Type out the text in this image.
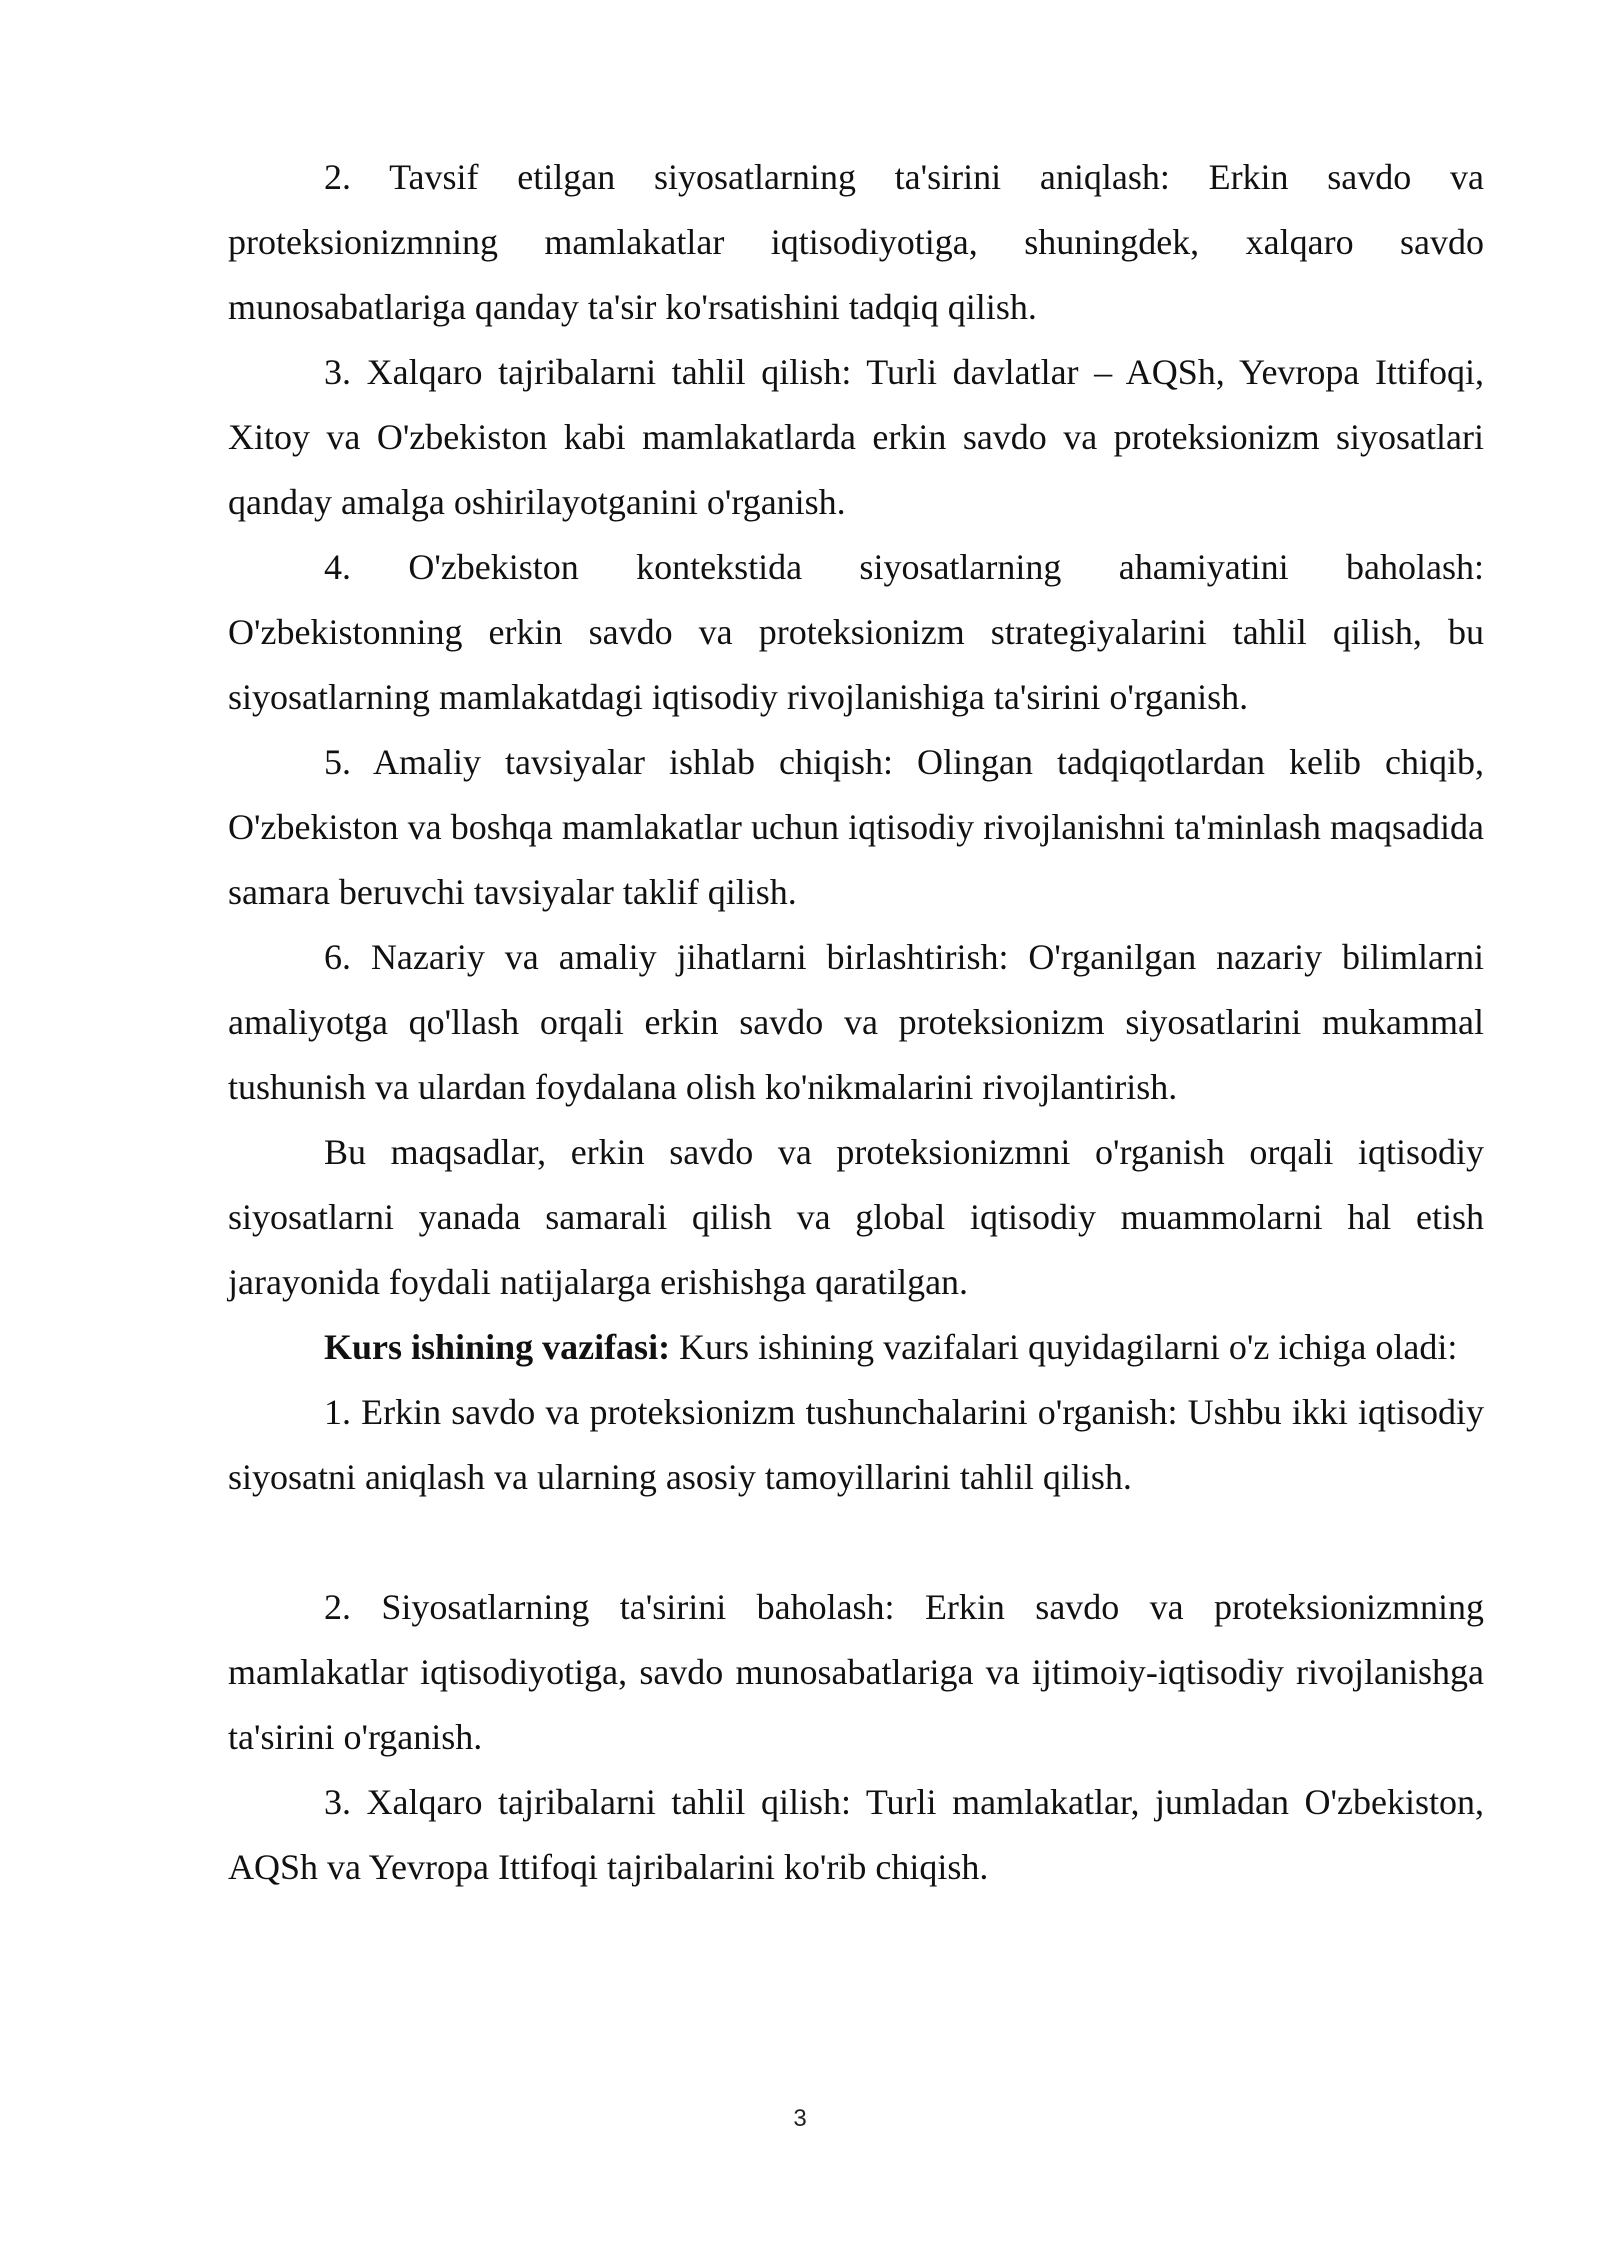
2. Tavsif etilgan siyosatlarning ta'sirini aniqlash: Erkin savdo va proteksionizmning mamlakatlar iqtisodiyotiga, shuningdek, xalqaro savdo munosabatlariga qanday ta'sir ko'rsatishini tadqiq qilish.

3. Xalqaro tajribalarni tahlil qilish: Turli davlatlar – AQSh, Yevropa Ittifoqi, Xitoy va O'zbekiston kabi mamlakatlarda erkin savdo va proteksionizm siyosatlari qanday amalga oshirilayotganini o'rganish.

4. O'zbekiston kontekstida siyosatlarning ahamiyatini baholash: O'zbekistonning erkin savdo va proteksionizm strategiyalarini tahlil qilish, bu siyosatlarning mamlakatdagi iqtisodiy rivojlanishiga ta'sirini o'rganish.

5. Amaliy tavsiyalar ishlab chiqish: Olingan tadqiqotlardan kelib chiqib, O'zbekiston va boshqa mamlakatlar uchun iqtisodiy rivojlanishni ta'minlash maqsadida samara beruvchi tavsiyalar taklif qilish.

6. Nazariy va amaliy jihatlarni birlashtirish: O'rganilgan nazariy bilimlarni amaliyotga qo'llash orqali erkin savdo va proteksionizm siyosatlarini mukammal tushunish va ulardan foydalana olish ko'nikmalarini rivojlantirish.

Bu maqsadlar, erkin savdo va proteksionizmni o'rganish orqali iqtisodiy siyosatlarni yanada samarali qilish va global iqtisodiy muammolarni hal etish jarayonida foydali natijalarga erishishga qaratilgan.

Kurs ishining vazifasi: Kurs ishining vazifalari quyidagilarni o'z ichiga oladi:

1. Erkin savdo va proteksionizm tushunchalarini o'rganish: Ushbu ikki iqtisodiy siyosatni aniqlash va ularning asosiy tamoyillarini tahlil qilish.

2. Siyosatlarning ta'sirini baholash: Erkin savdo va proteksionizmning mamlakatlar iqtisodiyotiga, savdo munosabatlariga va ijtimoiy-iqtisodiy rivojlanishga ta'sirini o'rganish.

3. Xalqaro tajribalarni tahlil qilish: Turli mamlakatlar, jumladan O'zbekiston, AQSh va Yevropa Ittifoqi tajribalarini ko'rib chiqish.

3
